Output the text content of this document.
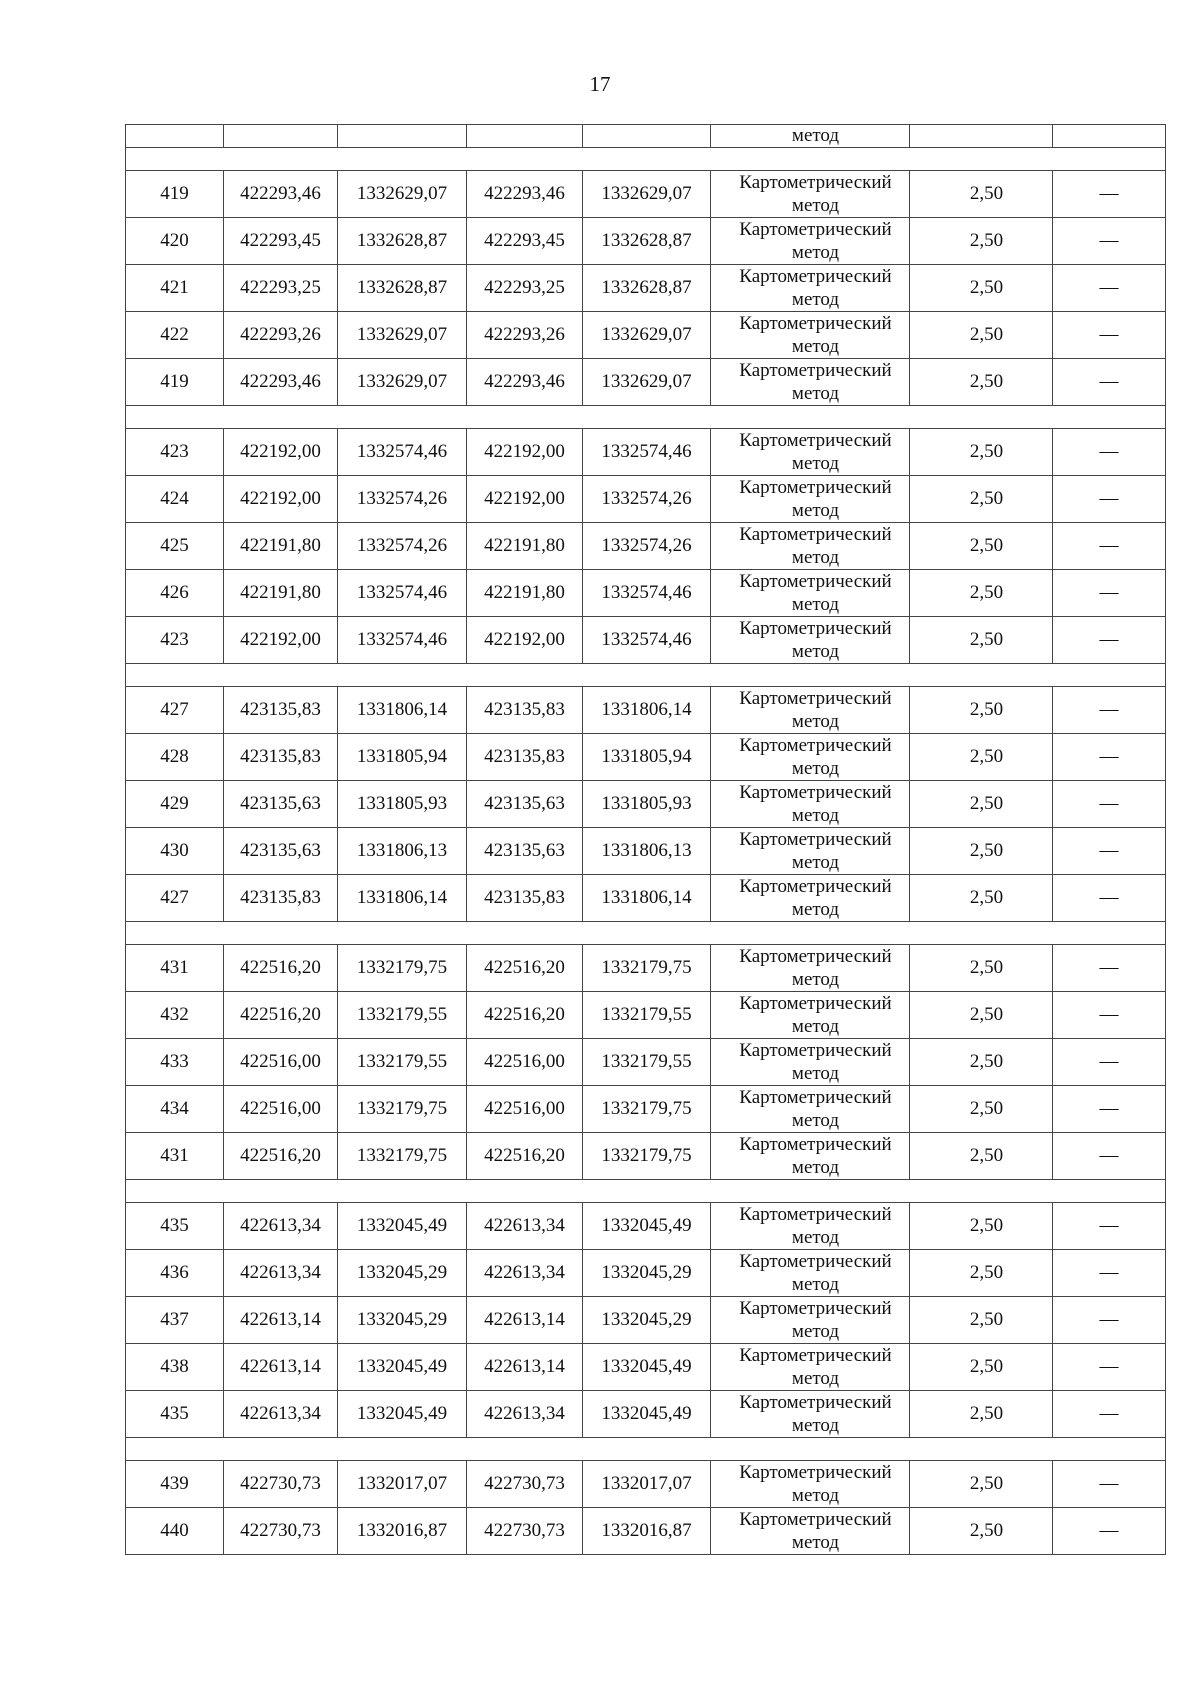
17
					метод		

419	422293,46	1332629,07	422293,46	1332629,07	Картометрический
метод	2,50	—
420	422293,45	1332628,87	422293,45	1332628,87	Картометрический
метод	2,50	—
421	422293,25	1332628,87	422293,25	1332628,87	Картометрический
метод	2,50	—
422	422293,26	1332629,07	422293,26	1332629,07	Картометрический
метод	2,50	—
419	422293,46	1332629,07	422293,46	1332629,07	Картометрический
метод	2,50	—

423	422192,00	1332574,46	422192,00	1332574,46	Картометрический
метод	2,50	—
424	422192,00	1332574,26	422192,00	1332574,26	Картометрический
метод	2,50	—
425	422191,80	1332574,26	422191,80	1332574,26	Картометрический
метод	2,50	—
426	422191,80	1332574,46	422191,80	1332574,46	Картометрический
метод	2,50	—
423	422192,00	1332574,46	422192,00	1332574,46	Картометрический
метод	2,50	—

427	423135,83	1331806,14	423135,83	1331806,14	Картометрический
метод	2,50	—
428	423135,83	1331805,94	423135,83	1331805,94	Картометрический
метод	2,50	—
429	423135,63	1331805,93	423135,63	1331805,93	Картометрический
метод	2,50	—
430	423135,63	1331806,13	423135,63	1331806,13	Картометрический
метод	2,50	—
427	423135,83	1331806,14	423135,83	1331806,14	Картометрический
метод	2,50	—

431	422516,20	1332179,75	422516,20	1332179,75	Картометрический
метод	2,50	—
432	422516,20	1332179,55	422516,20	1332179,55	Картометрический
метод	2,50	—
433	422516,00	1332179,55	422516,00	1332179,55	Картометрический
метод	2,50	—
434	422516,00	1332179,75	422516,00	1332179,75	Картометрический
метод	2,50	—
431	422516,20	1332179,75	422516,20	1332179,75	Картометрический
метод	2,50	—

435	422613,34	1332045,49	422613,34	1332045,49	Картометрический
метод	2,50	—
436	422613,34	1332045,29	422613,34	1332045,29	Картометрический
метод	2,50	—
437	422613,14	1332045,29	422613,14	1332045,29	Картометрический
метод	2,50	—
438	422613,14	1332045,49	422613,14	1332045,49	Картометрический
метод	2,50	—
435	422613,34	1332045,49	422613,34	1332045,49	Картометрический
метод	2,50	—

439	422730,73	1332017,07	422730,73	1332017,07	Картометрический
метод	2,50	—
440	422730,73	1332016,87	422730,73	1332016,87	Картометрический
метод	2,50	—
